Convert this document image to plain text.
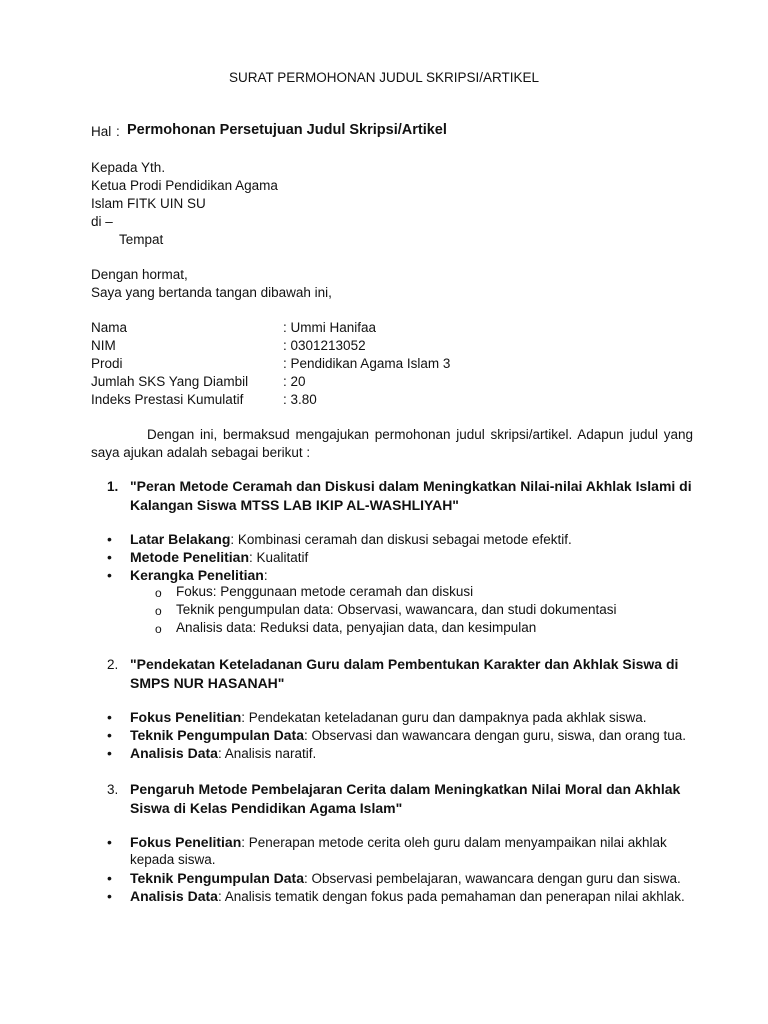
SURAT PERMOHONAN JUDUL SKRIPSI/ARTIKEL
Hal : Permohonan Persetujuan Judul Skripsi/Artikel
Kepada Yth.
Ketua Prodi Pendidikan Agama
Islam FITK UIN SU
di –
Tempat
Dengan hormat,
Saya yang bertanda tangan dibawah ini,
Nama	: Ummi Hanifaa
NIM	: 0301213052
Prodi	: Pendidikan Agama Islam 3
Jumlah SKS Yang Diambil	: 20
Indeks Prestasi Kumulatif	: 3.80
Dengan ini, bermaksud mengajukan permohonan judul skripsi/artikel. Adapun judul yang saya ajukan adalah sebagai berikut :
1. "Peran Metode Ceramah dan Diskusi dalam Meningkatkan Nilai-nilai Akhlak Islami di Kalangan Siswa MTSS LAB IKIP AL-WASHLIYAH"
• Latar Belakang: Kombinasi ceramah dan diskusi sebagai metode efektif.
• Metode Penelitian: Kualitatif
• Kerangka Penelitian:
o Fokus: Penggunaan metode ceramah dan diskusi
o Teknik pengumpulan data: Observasi, wawancara, dan studi dokumentasi
o Analisis data: Reduksi data, penyajian data, dan kesimpulan
2. "Pendekatan Keteladanan Guru dalam Pembentukan Karakter dan Akhlak Siswa di SMPS NUR HASANAH"
• Fokus Penelitian: Pendekatan keteladanan guru dan dampaknya pada akhlak siswa.
• Teknik Pengumpulan Data: Observasi dan wawancara dengan guru, siswa, dan orang tua.
• Analisis Data: Analisis naratif.
3. Pengaruh Metode Pembelajaran Cerita dalam Meningkatkan Nilai Moral dan Akhlak Siswa di Kelas Pendidikan Agama Islam"
• Fokus Penelitian: Penerapan metode cerita oleh guru dalam menyampaikan nilai akhlak kepada siswa.
• Teknik Pengumpulan Data: Observasi pembelajaran, wawancara dengan guru dan siswa.
• Analisis Data: Analisis tematik dengan fokus pada pemahaman dan penerapan nilai akhlak.
